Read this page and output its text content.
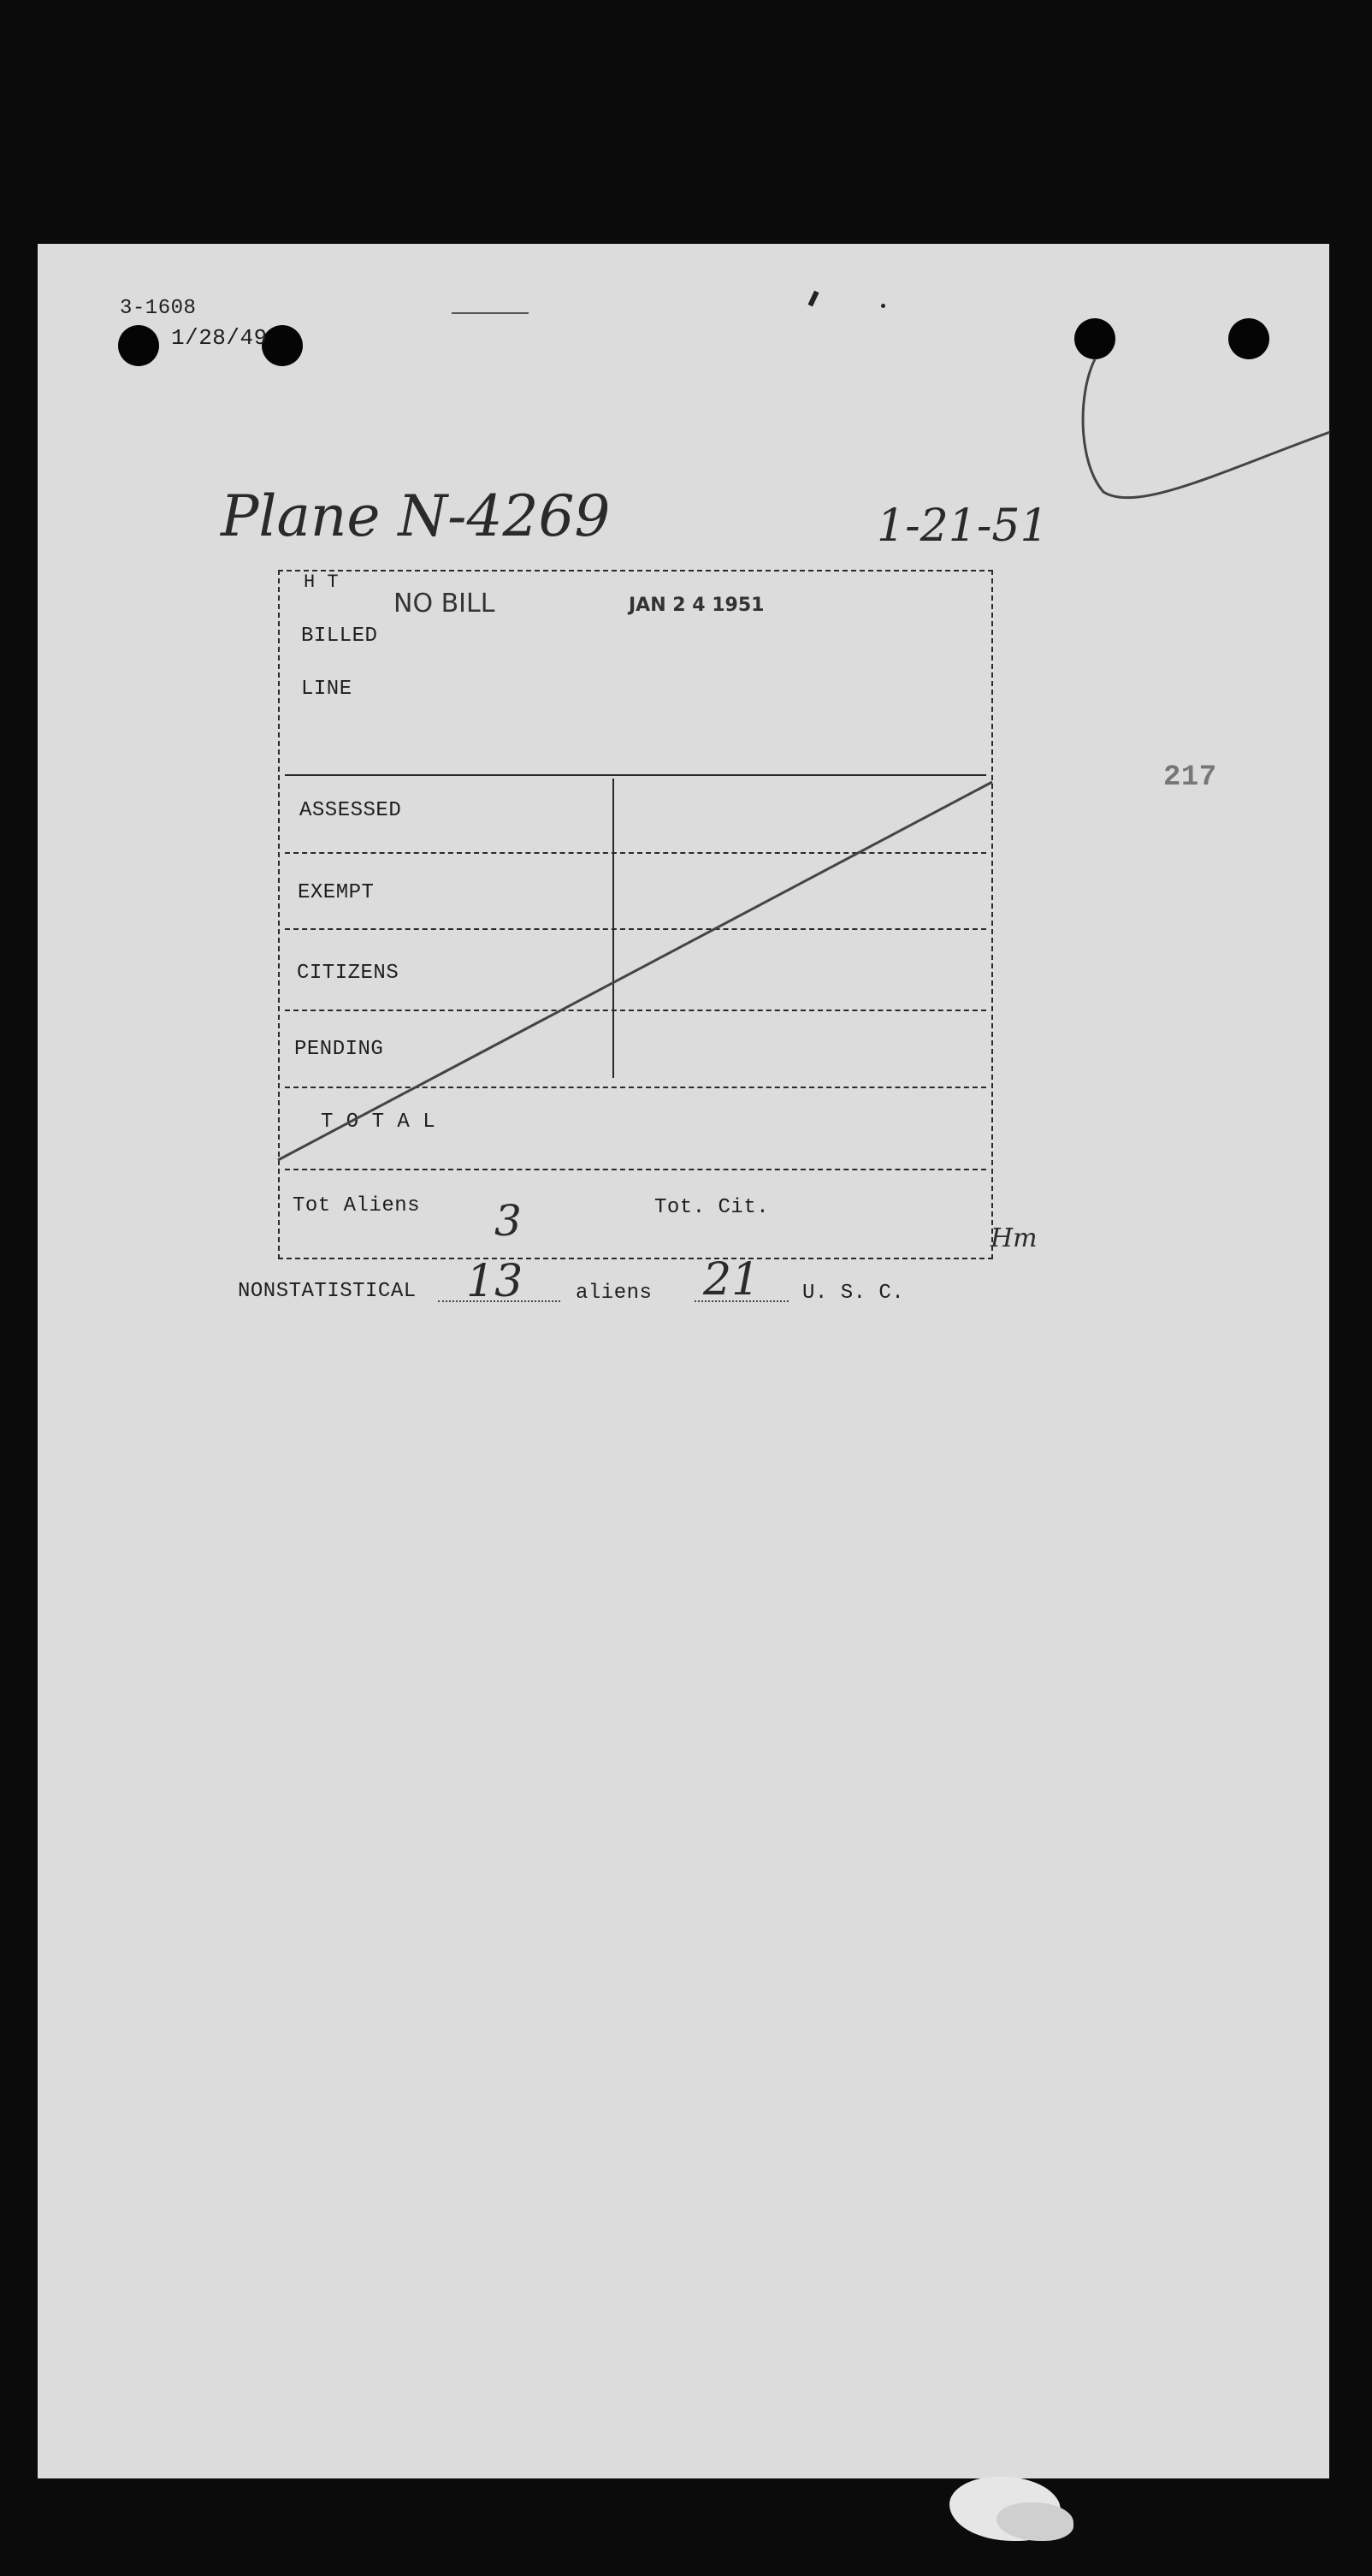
3-1608
1/28/49
Plane N-4269	1-21-51
217
H T
NO BILL	JAN 2 4 1951
BILLED
LINE
ASSESSED
EXEMPT
CITIZENS
PENDING
T O T A L
Tot Aliens 3	Tot. Cit.
Hm
NONSTATISTICAL 13	aliens 21 U. S. C.
